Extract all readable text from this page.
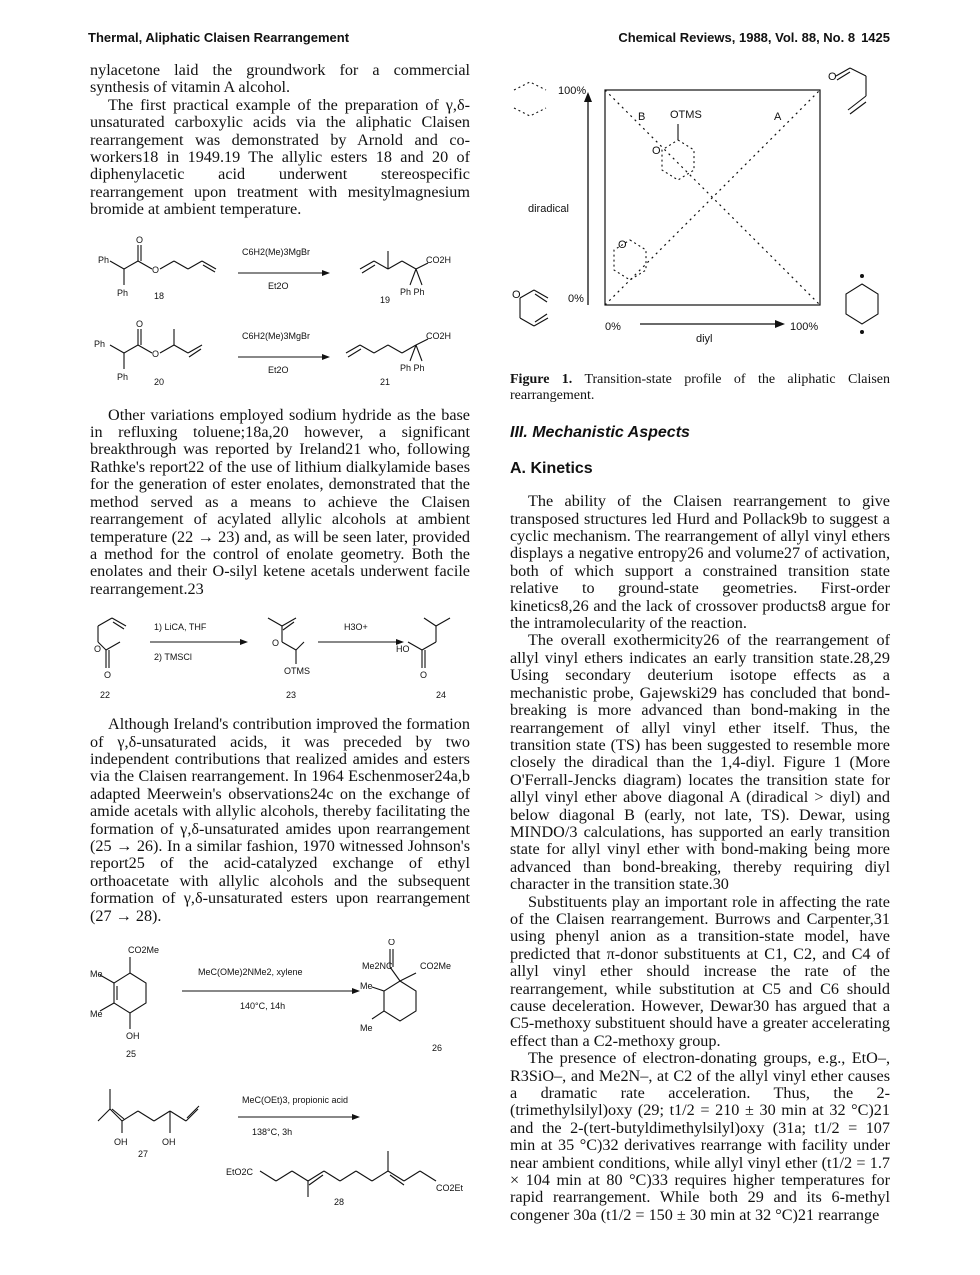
Thermal, Aliphatic Claisen Rearrangement	Chemical Reviews, 1988, Vol. 88, No. 8 1425

nylacetone laid the groundwork for a commercial synthesis of vitamin A alcohol.

The first practical example of the preparation of γ,δ-unsaturated carboxylic acids via the aliphatic Claisen rearrangement was demonstrated by Arnold and co-workers18 in 1949.19 The allylic esters 18 and 20 of diphenylacetic acid underwent stereospecific rearrangement upon treatment with mesitylmagnesium bromide at ambient temperature.

Ph
Ph
O
O
18
C6H2(Me)3MgBr
Et2O
CO2H
Ph Ph
19
Ph
Ph
O
O
20
C6H2(Me)3MgBr
Et2O
CO2H
Ph Ph
21

Other variations employed sodium hydride as the base in refluxing toluene;18a,20 however, a significant breakthrough was reported by Ireland21 who, following Rathke's report22 of the use of lithium dialkylamide bases for the generation of ester enolates, demonstrated that the method served as a means to achieve the Claisen rearrangement of acylated allylic alcohols at ambient temperature (22 → 23) and, as will be seen later, provided a method for the control of enolate geometry. Both the enolates and their O-silyl ketene acetals underwent facile rearrangement.23

O
O
22
1) LiCA, THF
2) TMSCl
O
OTMS
23
H3O+
HO
O
24

Although Ireland's contribution improved the formation of γ,δ-unsaturated acids, it was preceded by two independent contributions that realized amides and esters via the Claisen rearrangement. In 1964 Eschenmoser24a,b adapted Meerwein's observations24c on the exchange of amide acetals with allylic alcohols, thereby facilitating the formation of γ,δ-unsaturated amides upon rearrangement (25 → 26). In a similar fashion, 1970 witnessed Johnson's report25 of the acid-catalyzed exchange of ethyl orthoacetate with allylic alcohols and the subsequent formation of γ,δ-unsaturated esters upon rearrangement (27 → 28).

CO2Me
Me
Me
OH
25
MeC(OMe)2NMe2, xylene
140°C, 14h
O
Me2NC	CO2Me
Me
Me
26
OH	OH
27
MeC(OEt)3, propionic acid
138°C, 3h
EtO2C
CO2Et
28
100%
0%
diradical
0%	100%
diyl
A
B OTMS
O
O
O
O
Figure 1. Transition-state profile of the aliphatic Claisen rearrangement.
III. Mechanistic Aspects
A. Kinetics

The ability of the Claisen rearrangement to give transposed structures led Hurd and Pollack9b to suggest a cyclic mechanism. The rearrangement of allyl vinyl ethers displays a negative entropy26 and volume27 of activation, both of which support a constrained transition state relative to ground-state geometries. First-order kinetics8,26 and the lack of crossover products8 argue for the intramolecularity of the reaction.

The overall exothermicity26 of the rearrangement of allyl vinyl ethers indicates an early transition state.28,29 Using secondary deuterium isotope effects as a mechanistic probe, Gajewski29 has concluded that bond-breaking is more advanced than bond-making in the rearrangement of allyl vinyl ether itself. Thus, the transition state (TS) has been suggested to resemble more closely the diradical than the 1,4-diyl. Figure 1 (More O'Ferrall-Jencks diagram) locates the transition state for allyl vinyl ether above diagonal A (diradical > diyl) and below diagonal B (early, not late, TS). Dewar, using MINDO/3 calculations, has supported an early transition state for allyl vinyl ether with bond-making being more advanced than bond-breaking, thereby requiring diyl character in the transition state.30

Substituents play an important role in affecting the rate of the Claisen rearrangement. Burrows and Carpenter,31 using phenyl anion as a transition-state model, have predicted that π-donor substituents at C1, C2, and C4 of allyl vinyl ether should increase the rate of the rearrangement, while substitution at C5 and C6 should cause deceleration. However, Dewar30 has argued that a C5-methoxy substituent should have a greater accelerating effect than a C2-methoxy group.

The presence of electron-donating groups, e.g., EtO–, R3SiO–, and Me2N–, at C2 of the allyl vinyl ether causes a dramatic rate acceleration. Thus, the 2-(trimethylsilyl)oxy (29; t1/2 = 210 ± 30 min at 32 °C)21 and the 2-(tert-butyldimethylsilyl)oxy (31a; t1/2 = 107 min at 35 °C)32 derivatives rearrange with facility under near ambient conditions, while allyl vinyl ether (t1/2 = 1.7 × 104 min at 80 °C)33 requires higher temperatures for rapid rearrangement. While both 29 and its 6-methyl congener 30a (t1/2 = 150 ± 30 min at 32 °C)21 rearrange
